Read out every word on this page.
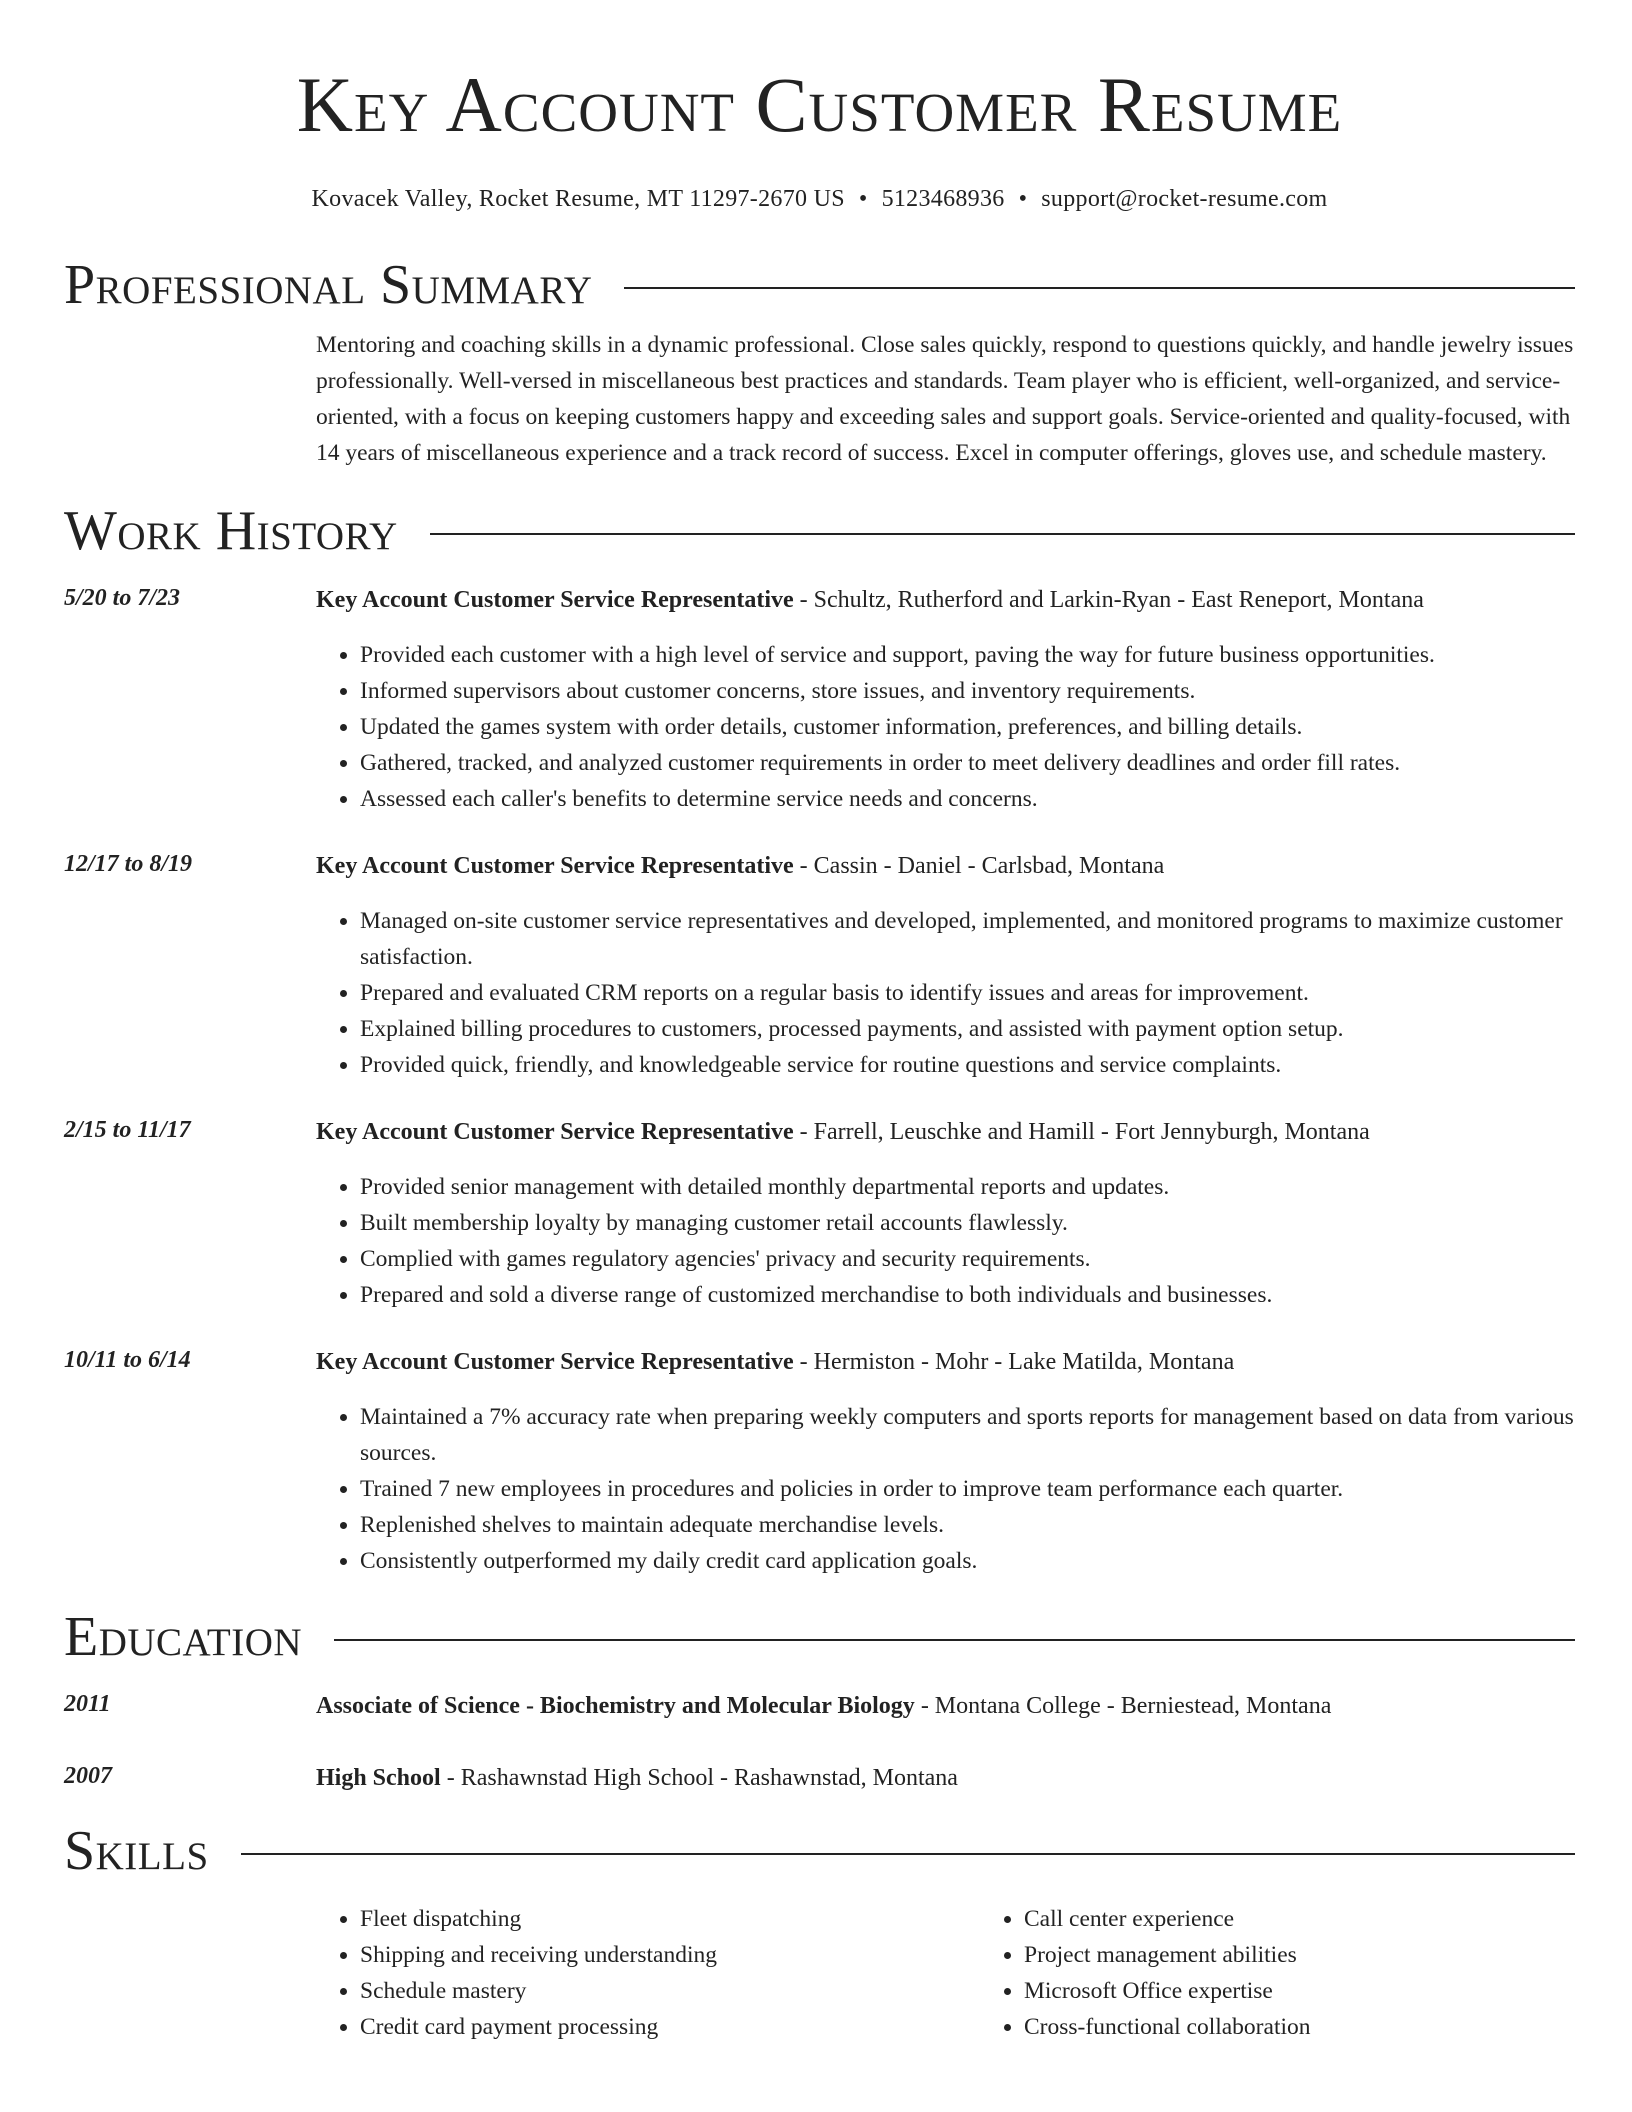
Key Account Customer Resume
Kovacek Valley, Rocket Resume, MT 11297-2670 US • 5123468936 • support@rocket-resume.com
Professional Summary
Mentoring and coaching skills in a dynamic professional. Close sales quickly, respond to questions quickly, and handle jewelry issues professionally. Well-versed in miscellaneous best practices and standards. Team player who is efficient, well-organized, and service-oriented, with a focus on keeping customers happy and exceeding sales and support goals. Service-oriented and quality-focused, with 14 years of miscellaneous experience and a track record of success. Excel in computer offerings, gloves use, and schedule mastery.
Work History
5/20 to 7/23	Key Account Customer Service Representative - Schultz, Rutherford and Larkin-Ryan - East Reneport, Montana
• Provided each customer with a high level of service and support, paving the way for future business opportunities.
• Informed supervisors about customer concerns, store issues, and inventory requirements.
• Updated the games system with order details, customer information, preferences, and billing details.
• Gathered, tracked, and analyzed customer requirements in order to meet delivery deadlines and order fill rates.
• Assessed each caller's benefits to determine service needs and concerns.
12/17 to 8/19	Key Account Customer Service Representative - Cassin - Daniel - Carlsbad, Montana
• Managed on-site customer service representatives and developed, implemented, and monitored programs to maximize customer satisfaction.
• Prepared and evaluated CRM reports on a regular basis to identify issues and areas for improvement.
• Explained billing procedures to customers, processed payments, and assisted with payment option setup.
• Provided quick, friendly, and knowledgeable service for routine questions and service complaints.
2/15 to 11/17	Key Account Customer Service Representative - Farrell, Leuschke and Hamill - Fort Jennyburgh, Montana
• Provided senior management with detailed monthly departmental reports and updates.
• Built membership loyalty by managing customer retail accounts flawlessly.
• Complied with games regulatory agencies' privacy and security requirements.
• Prepared and sold a diverse range of customized merchandise to both individuals and businesses.
10/11 to 6/14	Key Account Customer Service Representative - Hermiston - Mohr - Lake Matilda, Montana
• Maintained a 7% accuracy rate when preparing weekly computers and sports reports for management based on data from various sources.
• Trained 7 new employees in procedures and policies in order to improve team performance each quarter.
• Replenished shelves to maintain adequate merchandise levels.
• Consistently outperformed my daily credit card application goals.
Education
2011	Associate of Science - Biochemistry and Molecular Biology - Montana College - Berniestead, Montana
2007	High School - Rashawnstad High School - Rashawnstad, Montana
Skills
• Fleet dispatching
• Shipping and receiving understanding
• Schedule mastery
• Credit card payment processing
• Call center experience
• Project management abilities
• Microsoft Office expertise
• Cross-functional collaboration
